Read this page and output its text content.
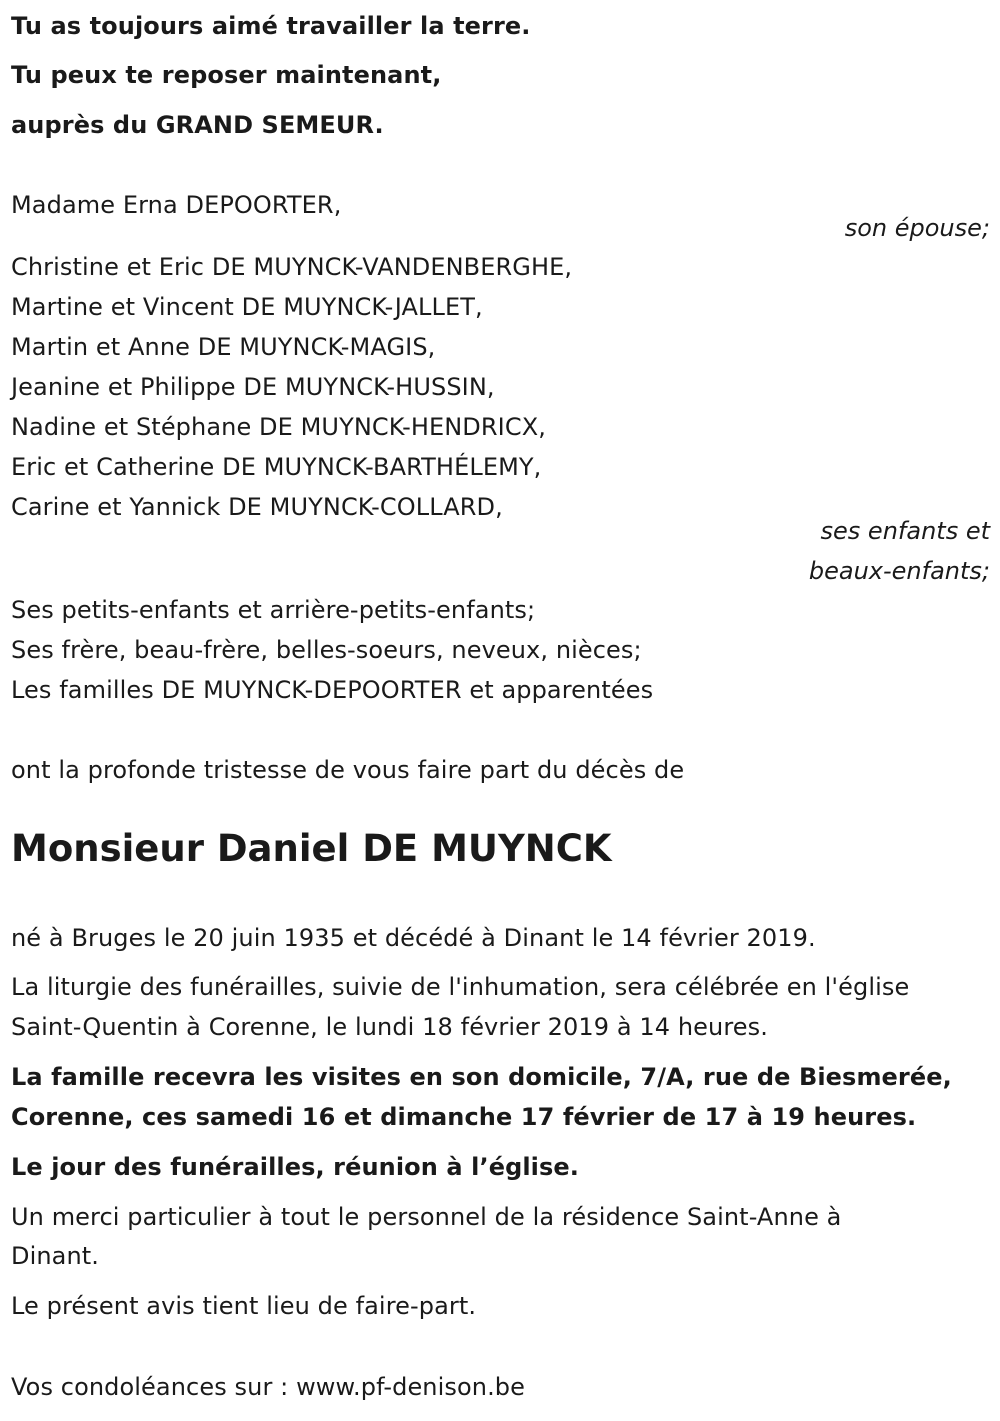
Tu as toujours aimé travailler la terre.
Tu peux te reposer maintenant,
auprès du GRAND SEMEUR.
Madame Erna DEPOORTER,
son épouse;
Christine et Eric DE MUYNCK-VANDENBERGHE,
Martine et Vincent DE MUYNCK-JALLET,
Martin et Anne DE MUYNCK-MAGIS,
Jeanine et Philippe DE MUYNCK-HUSSIN,
Nadine et Stéphane DE MUYNCK-HENDRICX,
Eric et Catherine DE MUYNCK-BARTHÉLEMY,
Carine et Yannick DE MUYNCK-COLLARD,
ses enfants et
beaux-enfants;
Ses petits-enfants et arrière-petits-enfants;
Ses frère, beau-frère, belles-soeurs, neveux, nièces;
Les familles DE MUYNCK-DEPOORTER et apparentées
ont la profonde tristesse de vous faire part du décès de
Monsieur Daniel DE MUYNCK
né à Bruges le 20 juin 1935 et décédé à Dinant le 14 février 2019.
La liturgie des funérailles, suivie de l'inhumation, sera célébrée en l'église
Saint-Quentin à Corenne, le lundi 18 février 2019 à 14 heures.
La famille recevra les visites en son domicile, 7/A, rue de Biesmerée,
Corenne, ces samedi 16 et dimanche 17 février de 17 à 19 heures.
Le jour des funérailles, réunion à l’église.
Un merci particulier à tout le personnel de la résidence Saint-Anne à
Dinant.
Le présent avis tient lieu de faire-part.
Vos condoléances sur : www.pf-denison.be
